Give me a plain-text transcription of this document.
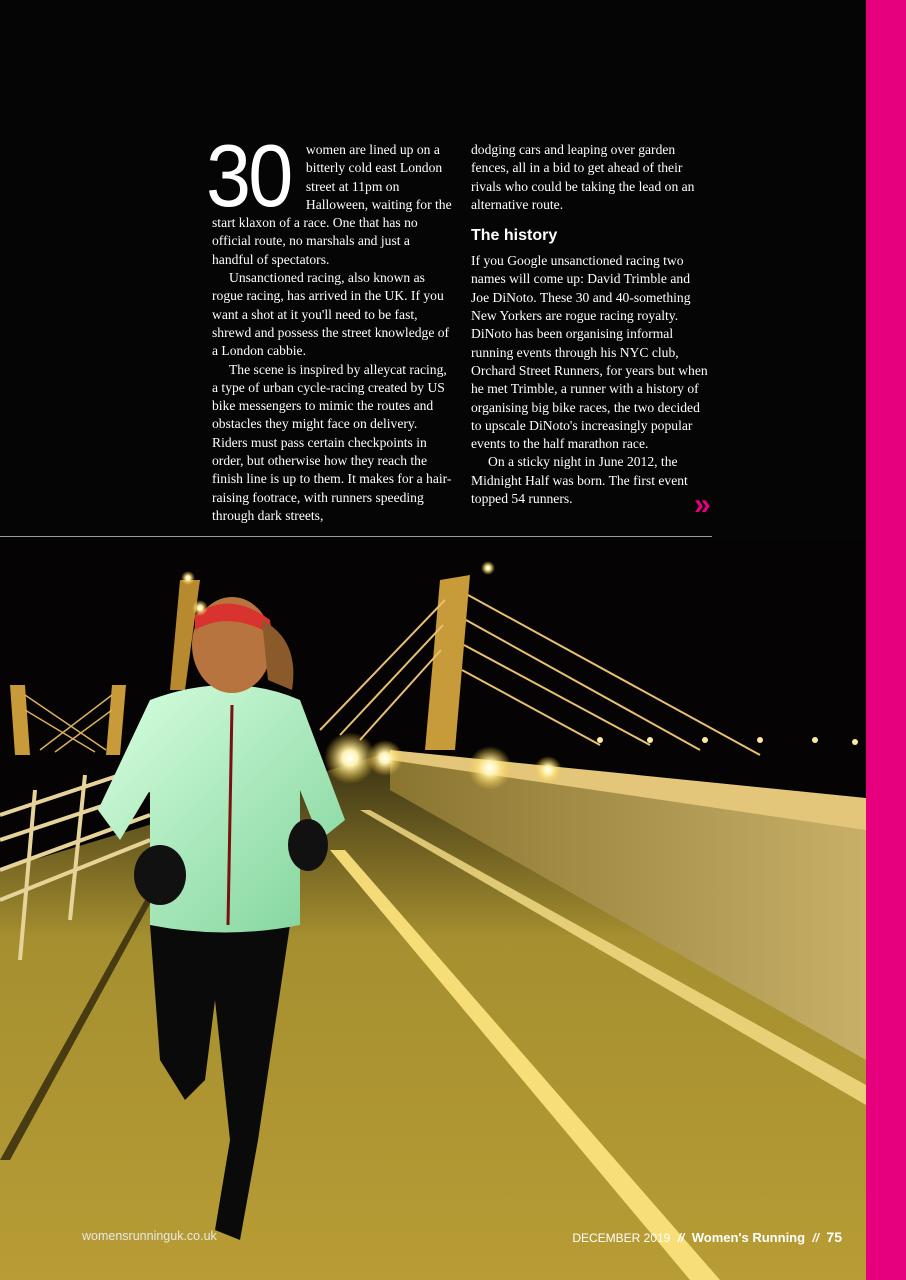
30	women are lined up on a bitterly cold east London street at 11pm on Halloween, waiting for the start klaxon of a race. One that has no official route, no marshals and just a handful of spectators.

Unsanctioned racing, also known as rogue racing, has arrived in the UK. If you want a shot at it you'll need to be fast, shrewd and possess the street knowledge of a London cabbie.

The scene is inspired by alleycat racing, a type of urban cycle-racing created by US bike messengers to mimic the routes and obstacles they might face on delivery. Riders must pass certain checkpoints in order, but otherwise how they reach the finish line is up to them. It makes for a hair-raising footrace, with runners speeding through dark streets,

dodging cars and leaping over garden fences, all in a bid to get ahead of their rivals who could be taking the lead on an alternative route.

The history

If you Google unsanctioned racing two names will come up: David Trimble and Joe DiNoto. These 30 and 40-something New Yorkers are rogue racing royalty. DiNoto has been organising informal running events through his NYC club, Orchard Street Runners, for years but when he met Trimble, a runner with a history of organising big bike races, the two decided to upscale DiNoto's increasingly popular events to the half marathon race.

On a sticky night in June 2012, the Midnight Half was born. The first event topped 54 runners.	»
womensrunninguk.co.uk	DECEMBER 2019 // Women's Running // 75
